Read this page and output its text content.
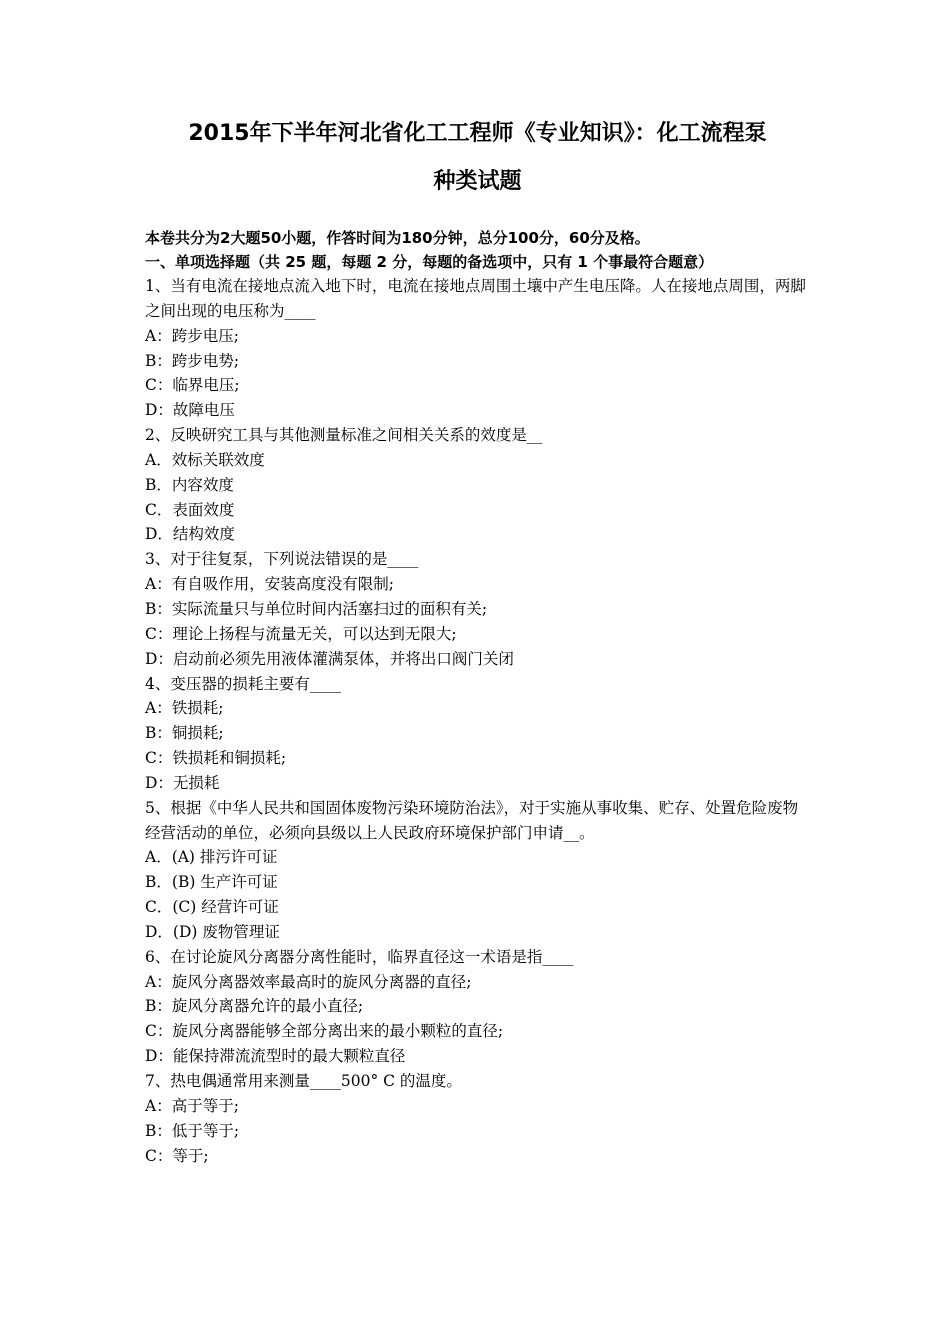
2015年下半年河北省化工工程师《专业知识》：化工流程泵
种类试题
本卷共分为2大题50小题，作答时间为180分钟，总分100分，60分及格。
一、单项选择题（共 25 题，每题 2 分，每题的备选项中，只有 1 个事最符合题意）

1、当有电流在接地点流入地下时，电流在接地点周围土壤中产生电压降。人在接地点周围，两脚之间出现的电压称为____

A：跨步电压;

B：跨步电势;

C：临界电压;

D：故障电压

2、反映研究工具与其他测量标准之间相关关系的效度是__

A．效标关联效度

B．内容效度

C．表面效度

D．结构效度

3、对于往复泵，下列说法错误的是____

A：有自吸作用，安装高度没有限制;

B：实际流量只与单位时间内活塞扫过的面积有关;

C：理论上扬程与流量无关，可以达到无限大;

D：启动前必须先用液体灌满泵体，并将出口阀门关闭

4、变压器的损耗主要有____

A：铁损耗;

B：铜损耗;

C：铁损耗和铜损耗;

D：无损耗

5、根据《中华人民共和国固体废物污染环境防治法》，对于实施从事收集、贮存、处置危险废物经营活动的单位，必须向县级以上人民政府环境保护部门申请__。

A．(A) 排污许可证

B．(B) 生产许可证

C．(C) 经营许可证

D．(D) 废物管理证

6、在讨论旋风分离器分离性能时，临界直径这一术语是指____

A：旋风分离器效率最高时的旋风分离器的直径;

B：旋风分离器允许的最小直径;

C：旋风分离器能够全部分离出来的最小颗粒的直径;

D：能保持滞流流型时的最大颗粒直径

7、热电偶通常用来测量____500° C 的温度。

A：高于等于;

B：低于等于;

C：等于;
